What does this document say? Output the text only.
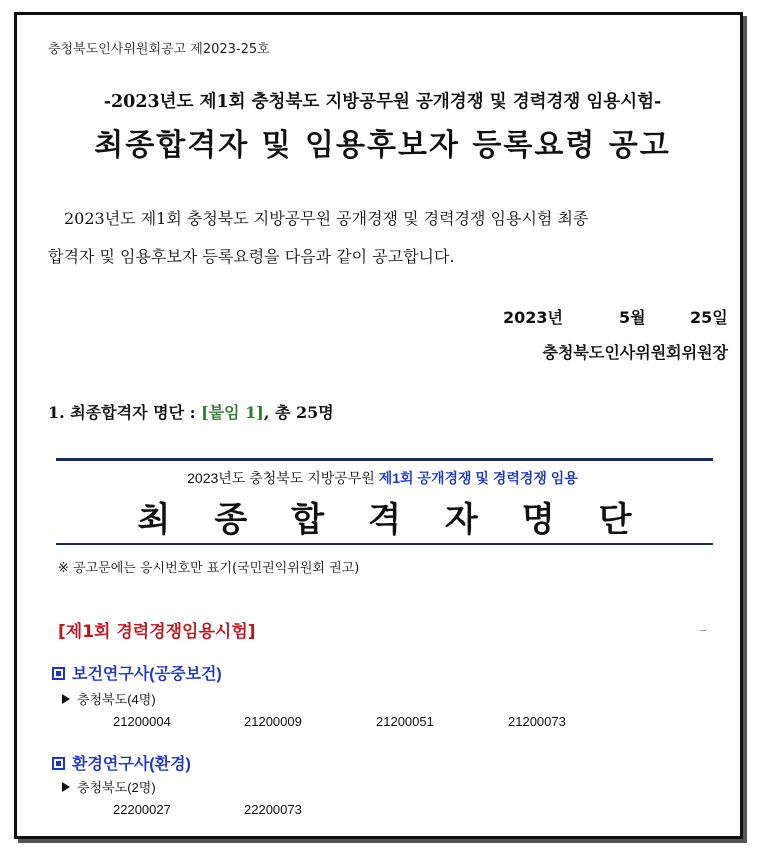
충청북도인사위원회공고 제2023-25호
-2023년도 제1회 충청북도 지방공무원 공개경쟁 및 경력경쟁 임용시험-
최종합격자 및 임용후보자 등록요령 공고
2023년도 제1회 충청북도 지방공무원 공개경쟁 및 경력경쟁 임용시험 최종
합격자 및 임용후보자 등록요령을 다음과 같이 공고합니다.
2023년	5월	25일
충청북도인사위원회위원장
1. 최종합격자 명단 : [붙임 1], 총 25명
2023년도 충청북도 지방공무원 제1회 공개경쟁 및 경력경쟁 임용
최종합격자명단
※ 공고문에는 응시번호만 표기(국민권익위원회 권고)
[제1회 경력경쟁임용시험]
보건연구사(공중보건)
충청북도(4명)
21200004	21200009	21200051	21200073
환경연구사(환경)
충청북도(2명)
22200027	22200073
